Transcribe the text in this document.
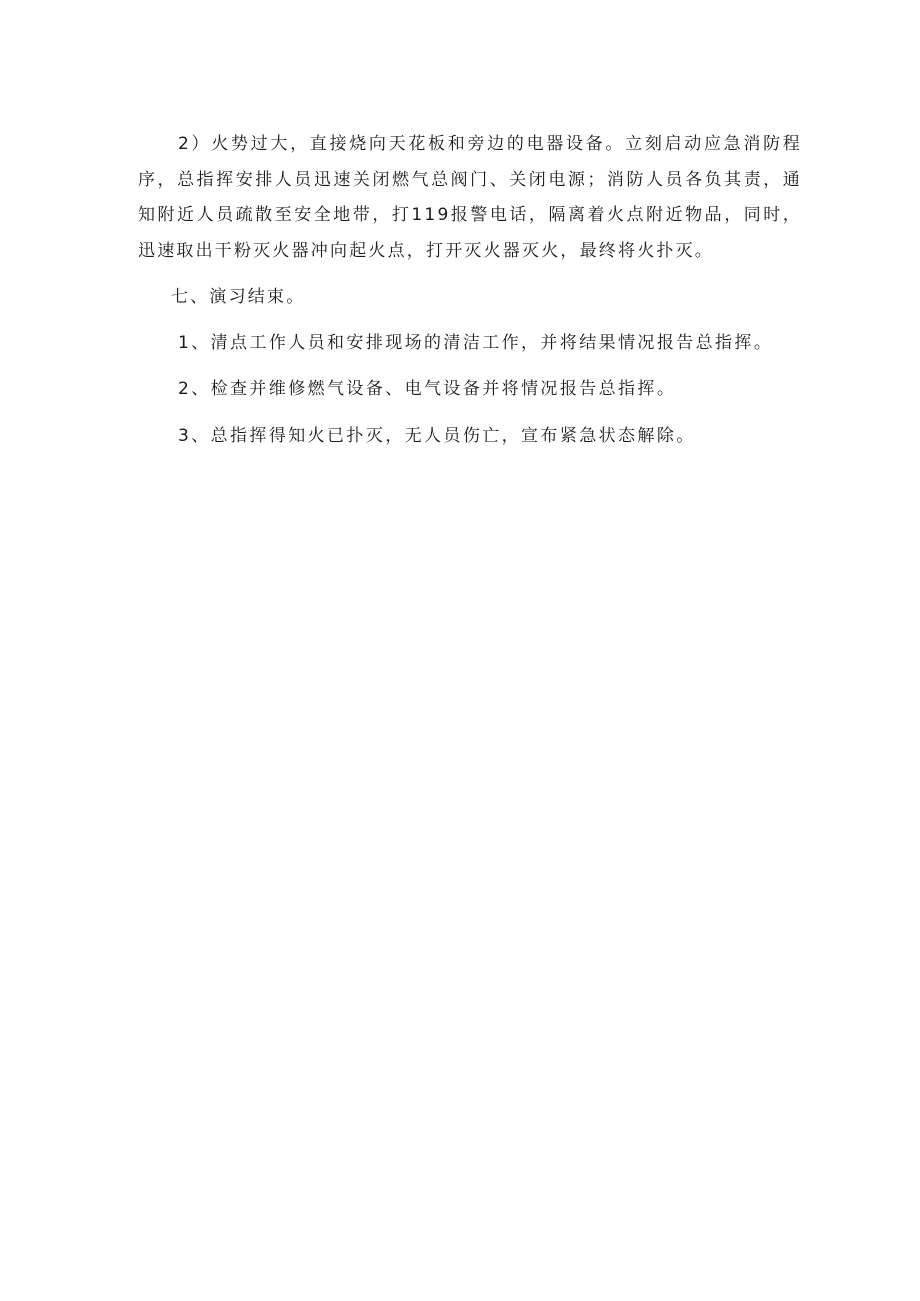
2）火势过大，直接烧向天花板和旁边的电器设备。立刻启动应急消防程序，总指挥安排人员迅速关闭燃气总阀门、关闭电源；消防人员各负其责，通知附近人员疏散至安全地带，打119报警电话，隔离着火点附近物品，同时，迅速取出干粉灭火器冲向起火点，打开灭火器灭火，最终将火扑灭。

七、演习结束。

1、清点工作人员和安排现场的清洁工作，并将结果情况报告总指挥。

2、检查并维修燃气设备、电气设备并将情况报告总指挥。

3、总指挥得知火已扑灭，无人员伤亡，宣布紧急状态解除。
